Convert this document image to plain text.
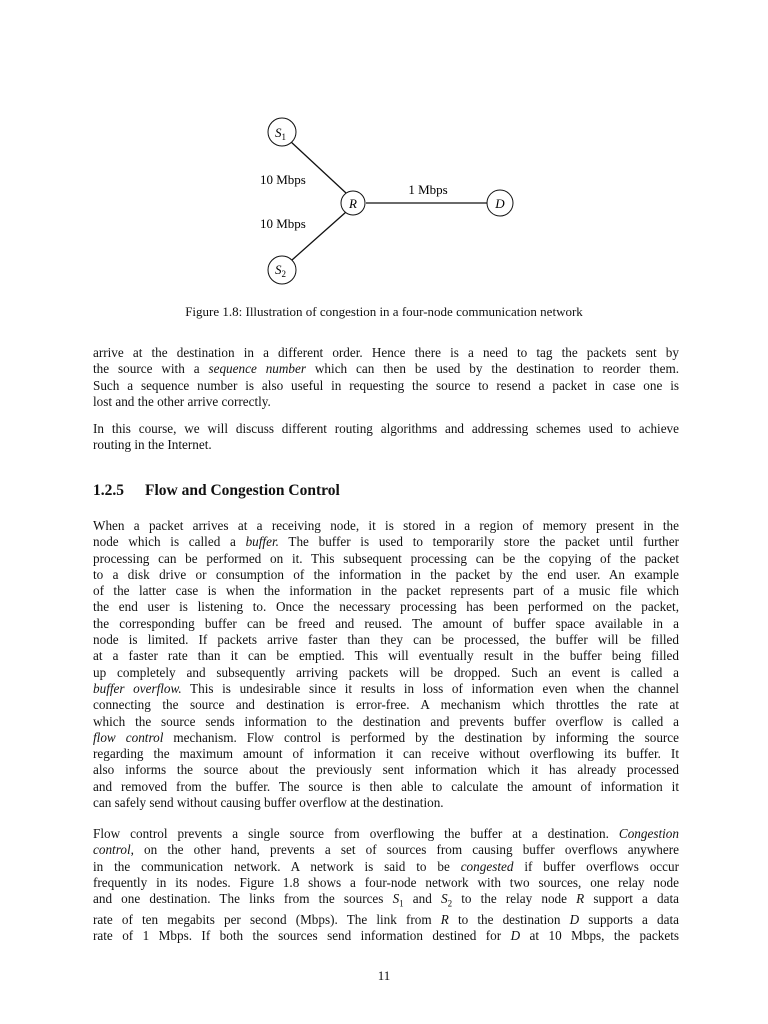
$S_1$
$S_2$
R	D
10 Mbps
10 Mbps
1 Mbps
Figure 1.8: Illustration of congestion in a four-node communication network
arrive at the destination in a different order. Hence there is a need to tag the packets sent by
the source with a sequence number which can then be used by the destination to reorder them.
Such a sequence number is also useful in requesting the source to resend a packet in case one is
lost and the other arrive correctly.
In this course, we will discuss different routing algorithms and addressing schemes used to achieve
routing in the Internet.
1.2.5 Flow and Congestion Control
When a packet arrives at a receiving node, it is stored in a region of memory present in the
node which is called a buffer. The buffer is used to temporarily store the packet until further
processing can be performed on it. This subsequent processing can be the copying of the packet
to a disk drive or consumption of the information in the packet by the end user. An example
of the latter case is when the information in the packet represents part of a music file which
the end user is listening to. Once the necessary processing has been performed on the packet,
the corresponding buffer can be freed and reused. The amount of buffer space available in a
node is limited. If packets arrive faster than they can be processed, the buffer will be filled
at a faster rate than it can be emptied. This will eventually result in the buffer being filled
up completely and subsequently arriving packets will be dropped. Such an event is called a
buffer overflow. This is undesirable since it results in loss of information even when the channel
connecting the source and destination is error-free. A mechanism which throttles the rate at
which the source sends information to the destination and prevents buffer overflow is called a
flow control mechanism. Flow control is performed by the destination by informing the source
regarding the maximum amount of information it can receive without overflowing its buffer. It
also informs the source about the previously sent information which it has already processed
and removed from the buffer. The source is then able to calculate the amount of information it
can safely send without causing buffer overflow at the destination.
Flow control prevents a single source from overflowing the buffer at a destination. Congestion
control, on the other hand, prevents a set of sources from causing buffer overflows anywhere
in the communication network. A network is said to be congested if buffer overflows occur
frequently in its nodes. Figure 1.8 shows a four-node network with two sources, one relay node
and one destination. The links from the sources $S_1$ and $S_2$ to the relay node R support a data
rate of ten megabits per second (Mbps). The link from R to the destination D supports a data
rate of 1 Mbps. If both the sources send information destined for D at 10 Mbps, the packets
11
